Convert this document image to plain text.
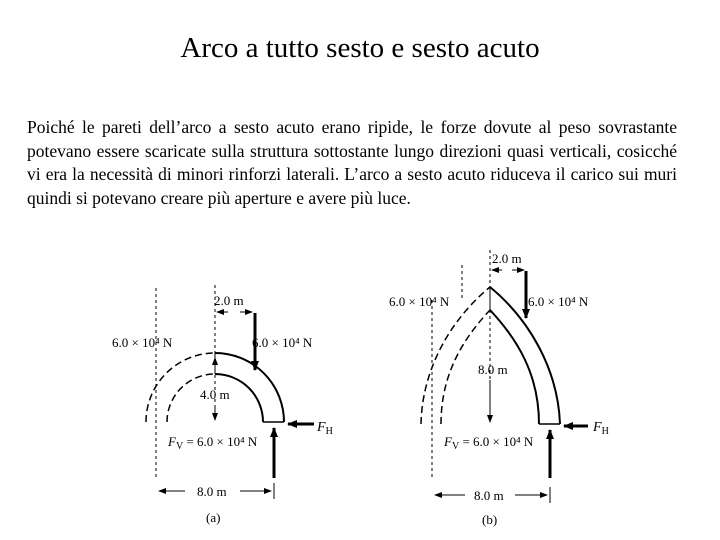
Arco a tutto sesto e sesto acuto
Poiché le pareti dell’arco a sesto acuto erano ripide, le forze dovute al peso sovrastante potevano essere scaricate sulla struttura sottostante lungo direzioni quasi verticali, cosicché vi era la necessità di minori rinforzi laterali. L’arco a sesto acuto riduceva il carico sui muri quindi si potevano creare più aperture e avere più luce.
2.0 m
6.0 × 10⁴ N	6.0 × 10⁴ N
4.0 m
$F_H$
$F_V = 6.0 \times 10^4$ N
8.0 m
(a)
2.0 m
6.0 × 10⁴ N	6.0 × 10⁴ N
8.0 m
$F_H$
$F_V = 6.0 \times 10^4$ N
8.0 m
(b)
